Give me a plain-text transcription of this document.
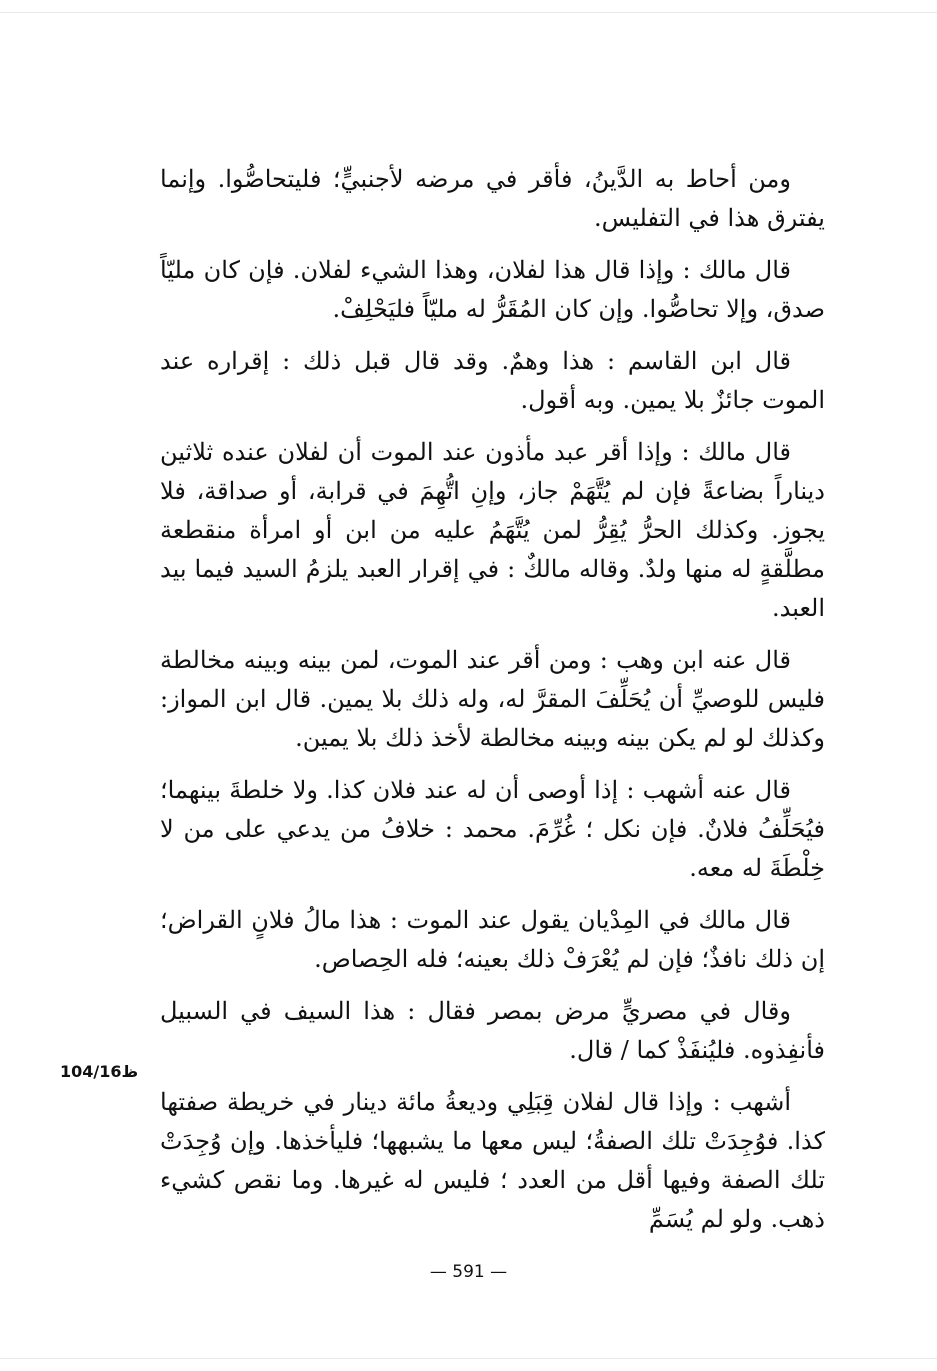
ومن أحاط به الدَّينُ، فأقر في مرضه لأجنبيٍّ؛ فليتحاصُّوا. وإنما يفترق هذا في التفليس.

قال مالك : وإذا قال هذا لفلان، وهذا الشيء لفلان. فإن كان مليّاً صدق، وإلا تحاصُّوا. وإن كان المُقَرُّ له مليّاً فليَحْلِفْ.

قال ابن القاسم : هذا وهمٌ. وقد قال قبل ذلك : إقراره عند الموت جائزٌ بلا يمين. وبه أقول.

قال مالك : وإذا أقر عبد مأذون عند الموت أن لفلان عنده ثلاثين ديناراً بضاعةً فإن لم يُتَّهَمْ جاز، وإنِ اتُّهِمَ في قرابة، أو صداقة، فلا يجوز. وكذلك الحرُّ يُقِرُّ لمن يُتَّهَمُ عليه من ابن أو امرأة منقطعة مطلَّقةٍ له منها ولدٌ. وقاله مالكٌ : في إقرار العبد يلزمُ السيد فيما بيد العبد.

قال عنه ابن وهب : ومن أقر عند الموت، لمن بينه وبينه مخالطة فليس للوصيِّ أن يُحَلِّفَ المقرَّ له، وله ذلك بلا يمين. قال ابن المواز: وكذلك لو لم يكن بينه وبينه مخالطة لأخذ ذلك بلا يمين.

قال عنه أشهب : إذا أوصى أن له عند فلان كذا. ولا خلطةَ بينهما؛ فيُحَلِّفُ فلانٌ. فإن نكل ؛ غُرِّمَ. محمد : خلافُ من يدعي على من لا خِلْطَةَ له معه.

قال مالك في المِدْيان يقول عند الموت : هذا مالُ فلانٍ القراض؛ إن ذلك نافذٌ؛ فإن لم يُعْرَفْ ذلك بعينه؛ فله الحِصاص.

وقال في مصريٍّ مرض بمصر فقال : هذا السيف في السبيل فأنفِذوه. فليُنفَذْ كما / قال.

أشهب : وإذا قال لفلان قِبَلِي وديعةُ مائة دينار في خريطة صفتها كذا. فوُجِدَتْ تلك الصفةُ؛ ليس معها ما يشبهها؛ فليأخذها. وإن وُجِدَتْ تلك الصفة وفيها أقل من العدد ؛ فليس له غيرها. وما نقص كشيء ذهب. ولو لم يُسَمِّ

104/16ظ
— 591 —
